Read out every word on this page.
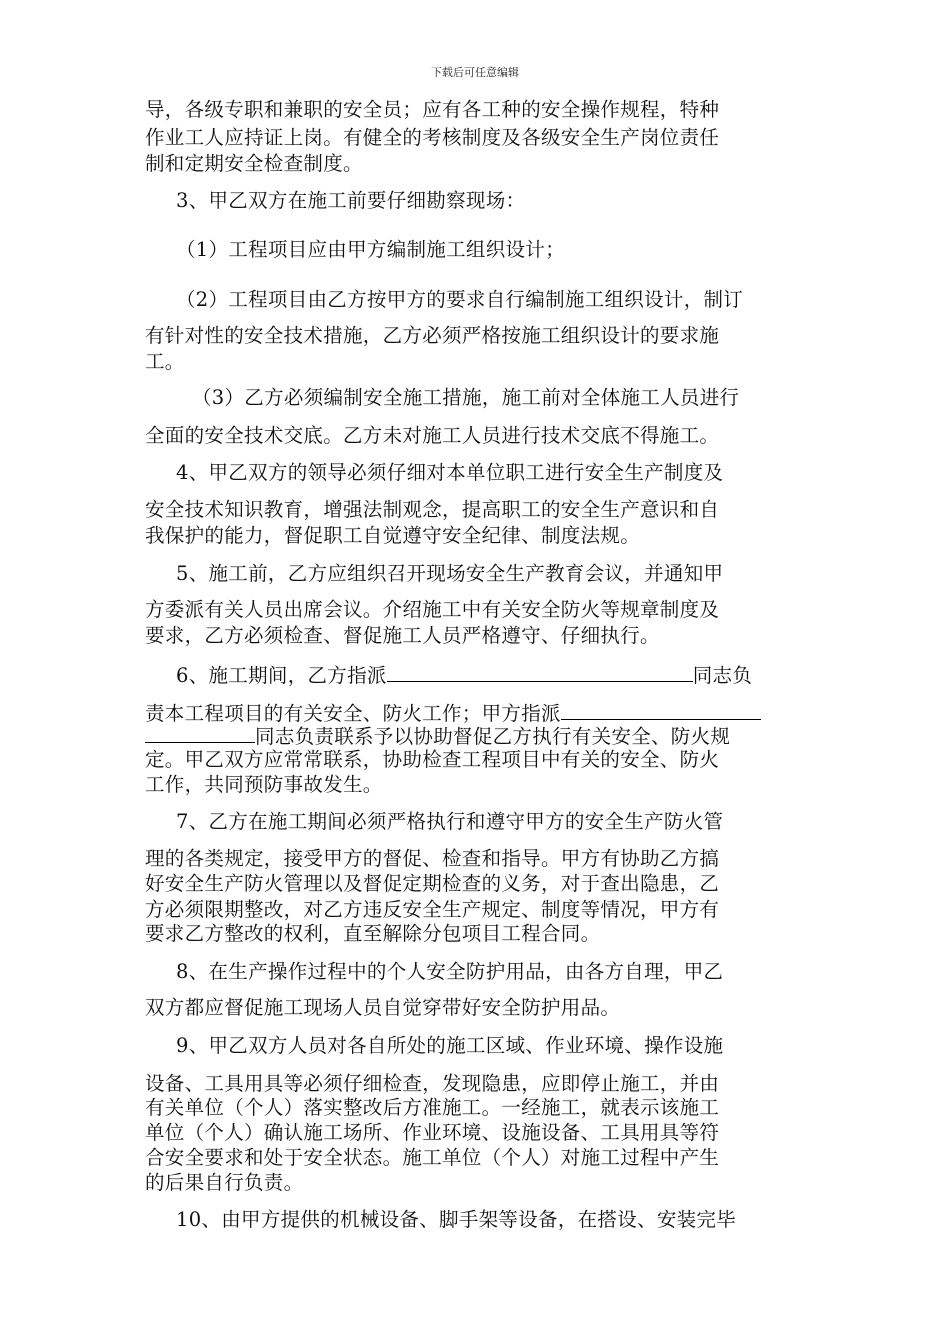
下载后可任意编辑
导，各级专职和兼职的安全员；应有各工种的安全操作规程，特种
作业工人应持证上岗。有健全的考核制度及各级安全生产岗位责任
制和定期安全检查制度。
3、甲乙双方在施工前要仔细勘察现场：
（1）工程项目应由甲方编制施工组织设计；
（2）工程项目由乙方按甲方的要求自行编制施工组织设计，制订
有针对性的安全技术措施，乙方必须严格按施工组织设计的要求施
工。
（3）乙方必须编制安全施工措施，施工前对全体施工人员进行
全面的安全技术交底。乙方未对施工人员进行技术交底不得施工。
4、甲乙双方的领导必须仔细对本单位职工进行安全生产制度及
安全技术知识教育，增强法制观念，提高职工的安全生产意识和自
我保护的能力，督促职工自觉遵守安全纪律、制度法规。
5、施工前，乙方应组织召开现场安全生产教育会议，并通知甲
方委派有关人员出席会议。介绍施工中有关安全防火等规章制度及
要求，乙方必须检查、督促施工人员严格遵守、仔细执行。
6、施工期间，乙方指派	同志负
责本工程项目的有关安全、防火工作；甲方指派
同志负责联系予以协助督促乙方执行有关安全、防火规
定。甲乙双方应常常联系，协助检查工程项目中有关的安全、防火
工作，共同预防事故发生。
7、乙方在施工期间必须严格执行和遵守甲方的安全生产防火管
理的各类规定，接受甲方的督促、检查和指导。甲方有协助乙方搞
好安全生产防火管理以及督促定期检查的义务，对于查出隐患，乙
方必须限期整改，对乙方违反安全生产规定、制度等情况，甲方有
要求乙方整改的权利，直至解除分包项目工程合同。
8、在生产操作过程中的个人安全防护用品，由各方自理，甲乙
双方都应督促施工现场人员自觉穿带好安全防护用品。
9、甲乙双方人员对各自所处的施工区域、作业环境、操作设施
设备、工具用具等必须仔细检查，发现隐患，应即停止施工，并由
有关单位（个人）落实整改后方准施工。一经施工，就表示该施工
单位（个人）确认施工场所、作业环境、设施设备、工具用具等符
合安全要求和处于安全状态。施工单位（个人）对施工过程中产生
的后果自行负责。
10、由甲方提供的机械设备、脚手架等设备，在搭设、安装完毕
